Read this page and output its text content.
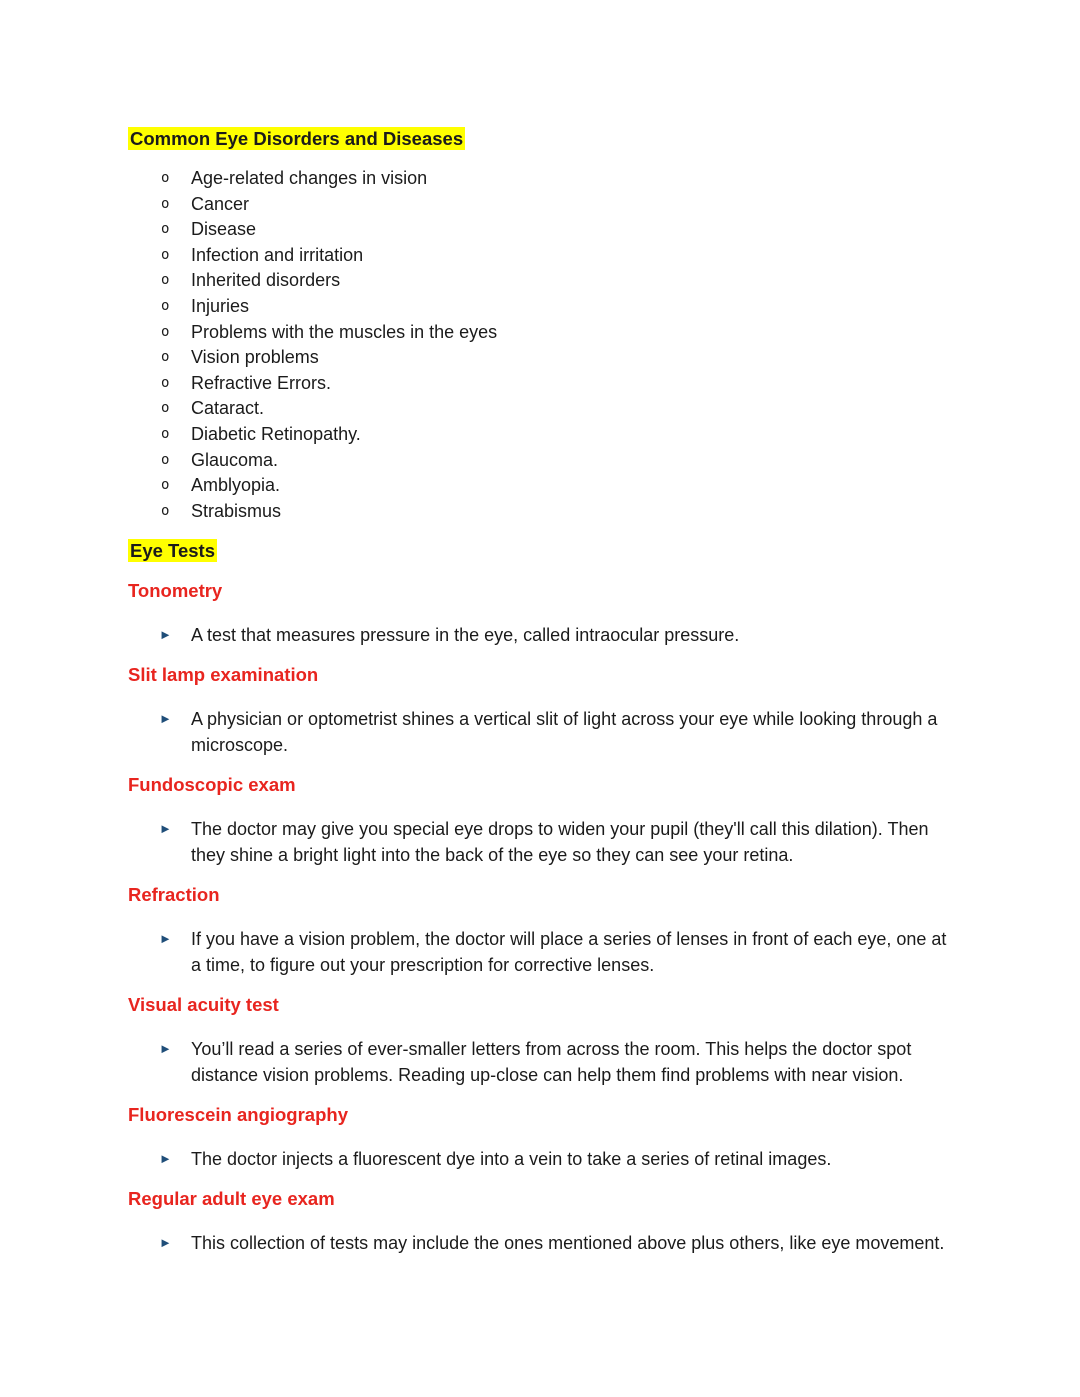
Common Eye Disorders and Diseases
o Age-related changes in vision
o Cancer
o Disease
o Infection and irritation
o Inherited disorders
o Injuries
o Problems with the muscles in the eyes
o Vision problems
o Refractive Errors.
o Cataract.
o Diabetic Retinopathy.
o Glaucoma.
o Amblyopia.
o Strabismus
Eye Tests
Tonometry
► A test that measures pressure in the eye, called intraocular pressure.
Slit lamp examination
► A physician or optometrist shines a vertical slit of light across your eye while looking through a microscope.
Fundoscopic exam
► The doctor may give you special eye drops to widen your pupil (they'll call this dilation). Then they shine a bright light into the back of the eye so they can see your retina.
Refraction
► If you have a vision problem, the doctor will place a series of lenses in front of each eye, one at a time, to figure out your prescription for corrective lenses.
Visual acuity test
► You’ll read a series of ever-smaller letters from across the room. This helps the doctor spot distance vision problems. Reading up-close can help them find problems with near vision.
Fluorescein angiography
► The doctor injects a fluorescent dye into a vein to take a series of retinal images.
Regular adult eye exam
► This collection of tests may include the ones mentioned above plus others, like eye movement.
